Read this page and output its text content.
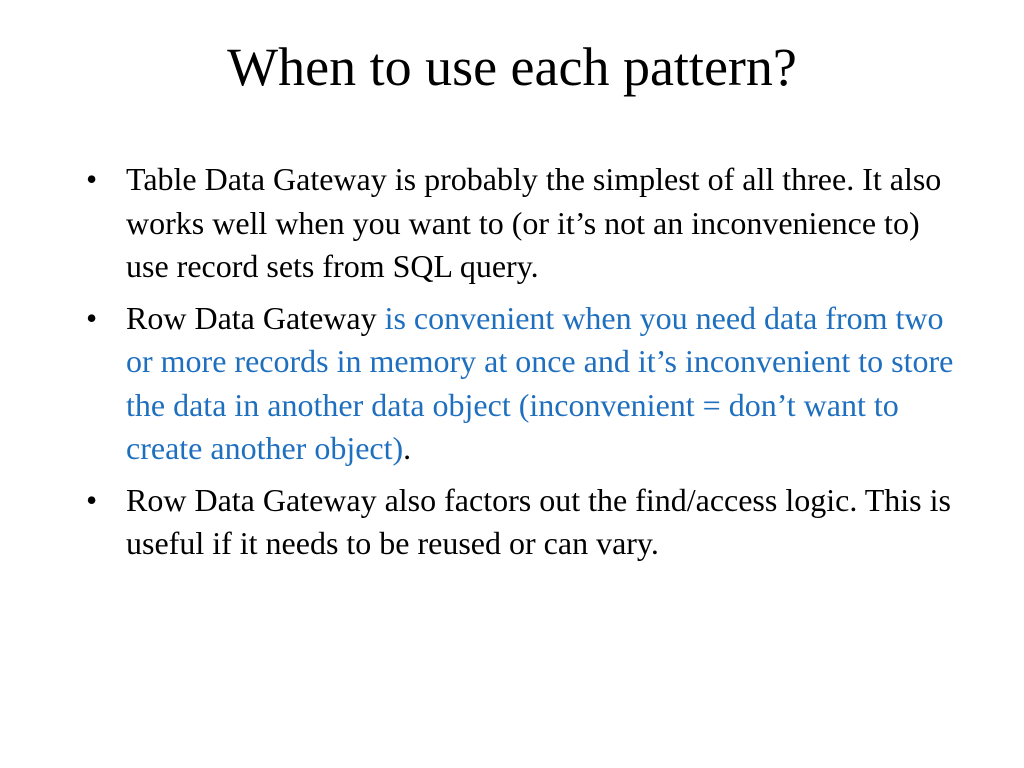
When to use each pattern?
• Table Data Gateway is probably the simplest of all three. It also works well when you want to (or it’s not an inconvenience to) use record sets from SQL query.
• Row Data Gateway is convenient when you need data from two or more records in memory at once and it’s inconvenient to store the data in another data object (inconvenient = don’t want to create another object).
• Row Data Gateway also factors out the find/access logic. This is useful if it needs to be reused or can vary.
